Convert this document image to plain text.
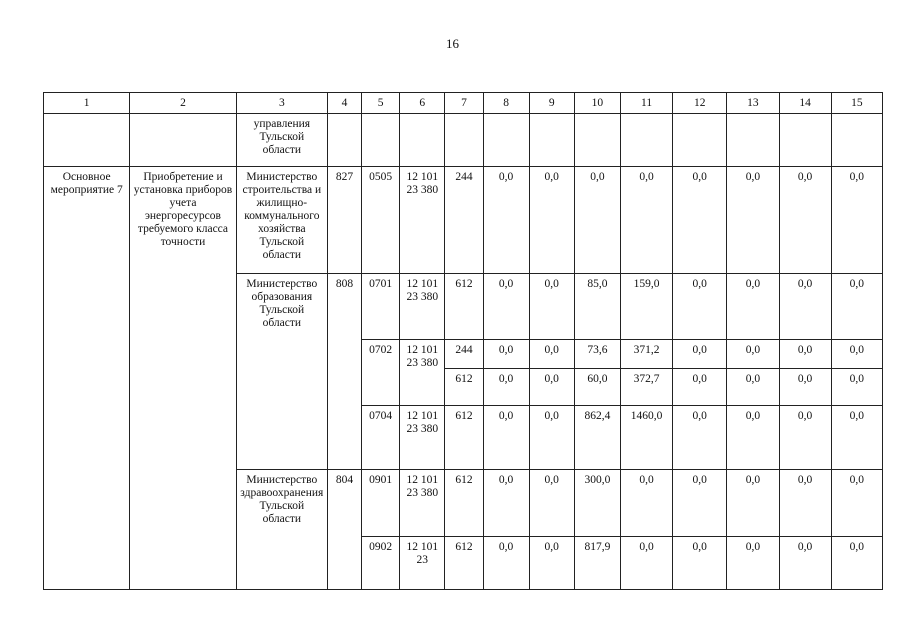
16
1	2	3	4	5	6	7	8	9	10	11	12	13	14	15
		управления Тульской области												
Основное мероприятие 7	Приобретение и установка приборов учета энергоресурсов требуемого класса точности	Министерство строительства и жилищно-коммунального хозяйства Тульской области	827	0505	12 101 23 380	244	0,0	0,0	0,0	0,0	0,0	0,0	0,0	0,0
		Министерство образования Тульской области	808	0701	12 101 23 380	612	0,0	0,0	85,0	159,0	0,0	0,0	0,0	0,0
				0702	12 101 23 380	244	0,0	0,0	73,6	371,2	0,0	0,0	0,0	0,0
						612	0,0	0,0	60,0	372,7	0,0	0,0	0,0	0,0
				0704	12 101 23 380	612	0,0	0,0	862,4	1460,0	0,0	0,0	0,0	0,0
		Министерство здравоохранения Тульской области	804	0901	12 101 23 380	612	0,0	0,0	300,0	0,0	0,0	0,0	0,0	0,0
				0902	12 101 23	612	0,0	0,0	817,9	0,0	0,0	0,0	0,0	0,0
